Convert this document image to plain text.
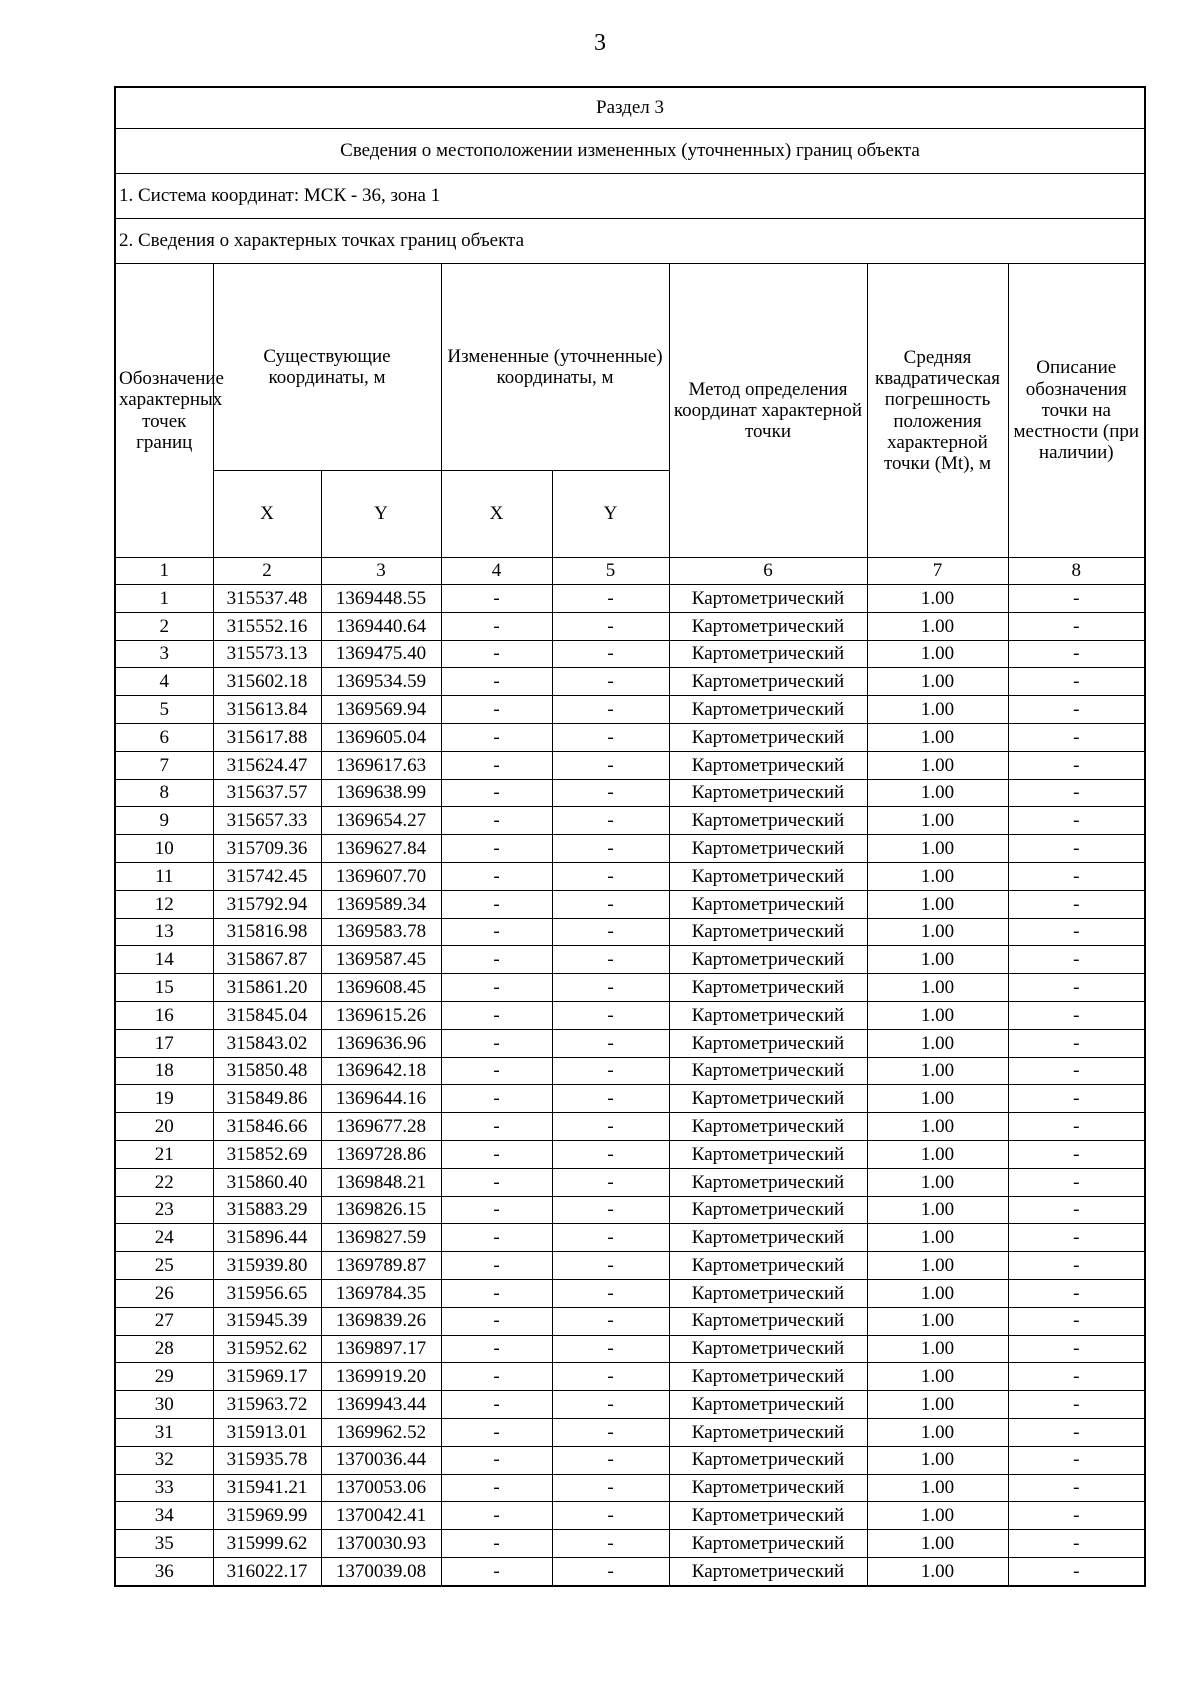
3
Раздел 3							
Сведения о местоположении измененных (уточненных) границ объекта							
1. Система координат: МСК - 36, зона 1							
2. Сведения о характерных точках границ объекта							
Обозначение характерных точек границ	Существующие координаты, м		Измененные (уточненные) координаты, м		Метод определения координат характерной точки	Средняя квадратическая погрешность положения характерной точки (Mt), м	Описание обозначения точки на местности (при наличии)
	X	Y	X	Y			
1	2	3	4	5	6	7	8
1	315537.48	1369448.55	-	-	Картометрический	1.00	-
2	315552.16	1369440.64	-	-	Картометрический	1.00	-
3	315573.13	1369475.40	-	-	Картометрический	1.00	-
4	315602.18	1369534.59	-	-	Картометрический	1.00	-
5	315613.84	1369569.94	-	-	Картометрический	1.00	-
6	315617.88	1369605.04	-	-	Картометрический	1.00	-
7	315624.47	1369617.63	-	-	Картометрический	1.00	-
8	315637.57	1369638.99	-	-	Картометрический	1.00	-
9	315657.33	1369654.27	-	-	Картометрический	1.00	-
10	315709.36	1369627.84	-	-	Картометрический	1.00	-
11	315742.45	1369607.70	-	-	Картометрический	1.00	-
12	315792.94	1369589.34	-	-	Картометрический	1.00	-
13	315816.98	1369583.78	-	-	Картометрический	1.00	-
14	315867.87	1369587.45	-	-	Картометрический	1.00	-
15	315861.20	1369608.45	-	-	Картометрический	1.00	-
16	315845.04	1369615.26	-	-	Картометрический	1.00	-
17	315843.02	1369636.96	-	-	Картометрический	1.00	-
18	315850.48	1369642.18	-	-	Картометрический	1.00	-
19	315849.86	1369644.16	-	-	Картометрический	1.00	-
20	315846.66	1369677.28	-	-	Картометрический	1.00	-
21	315852.69	1369728.86	-	-	Картометрический	1.00	-
22	315860.40	1369848.21	-	-	Картометрический	1.00	-
23	315883.29	1369826.15	-	-	Картометрический	1.00	-
24	315896.44	1369827.59	-	-	Картометрический	1.00	-
25	315939.80	1369789.87	-	-	Картометрический	1.00	-
26	315956.65	1369784.35	-	-	Картометрический	1.00	-
27	315945.39	1369839.26	-	-	Картометрический	1.00	-
28	315952.62	1369897.17	-	-	Картометрический	1.00	-
29	315969.17	1369919.20	-	-	Картометрический	1.00	-
30	315963.72	1369943.44	-	-	Картометрический	1.00	-
31	315913.01	1369962.52	-	-	Картометрический	1.00	-
32	315935.78	1370036.44	-	-	Картометрический	1.00	-
33	315941.21	1370053.06	-	-	Картометрический	1.00	-
34	315969.99	1370042.41	-	-	Картометрический	1.00	-
35	315999.62	1370030.93	-	-	Картометрический	1.00	-
36	316022.17	1370039.08	-	-	Картометрический	1.00	-
